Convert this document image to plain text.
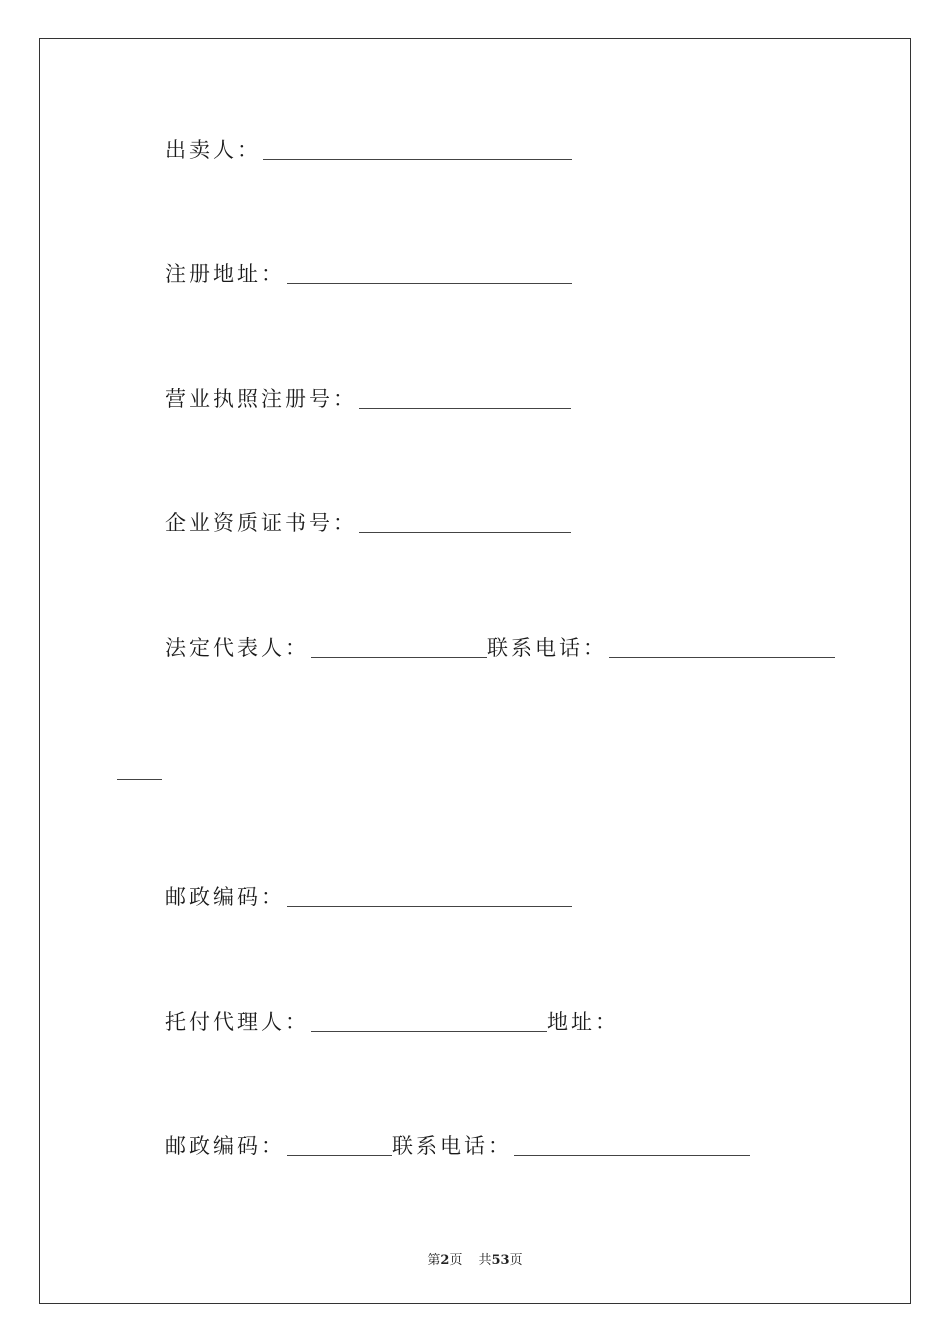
出卖人：
注册地址：
营业执照注册号：
企业资质证书号：
法定代表人：	联系电话：
邮政编码：
托付代理人：	地址：
邮政编码：	联系电话：
第2页 共53页
